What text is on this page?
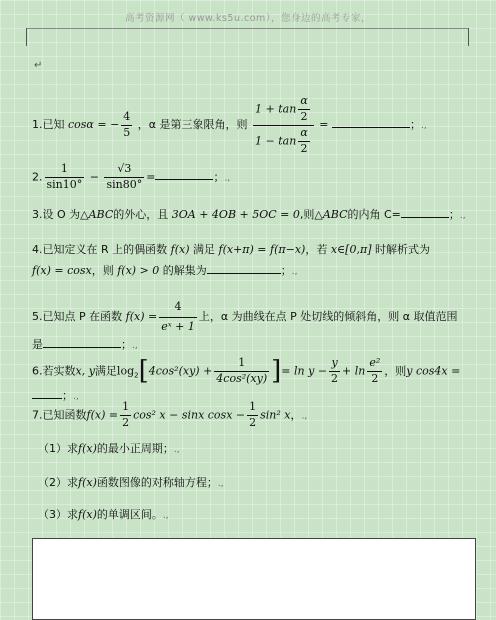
高考资源网（ www.ks5u.com），您身边的高考专家，
↵
1.已知 cosα = − $\frac{4}{5}$ ，α 是第三象限角，则 $\frac{1 + \tan \frac{\alpha}{2}}{1 - \tan \frac{\alpha}{2}}$ =	；.,
2. $\frac{1}{\sin 10^\circ} - \frac{√3}{\sin 80^\circ}$ =	；.,
3.设 O 为△ABC的外心，且 3OA + 4OB + 5OC = 0,则△ABC的内角 C=	；.,
4.已知定义在 R 上的偶函数 f(x) 满足 f(x+π) = f(π−x)，若 x∈[0,π] 时解析式为
f(x) = cosx，则 f(x) > 0 的解集为	；.,
5.已知点 P 在函数 $f(x) = \frac{4}{\text{eˣ + 1}}$ 上，α 为曲线在点 P 处切线的倾斜角，则 α 取值范围
是	；.,
6.若实数x, y满足$\log_2[4\cos^2(xy) + \frac{1}{\text{4cos²(xy)}}$ ]= $\ln y - \frac{y}{2} + \ln \frac{\text{e²}}{2}$ ，则y cos4x =；.,
7.已知函数$f(x) = \frac{1}{2} \cos^2$ x − sinx $\cos x - \frac{1}{2} \sin^2$ x，.,
（1）求f(x)的最小正周期；.,
（2）求f(x)函数图像的对称轴方程；.,
（3）求f(x)的单调区间。.,
